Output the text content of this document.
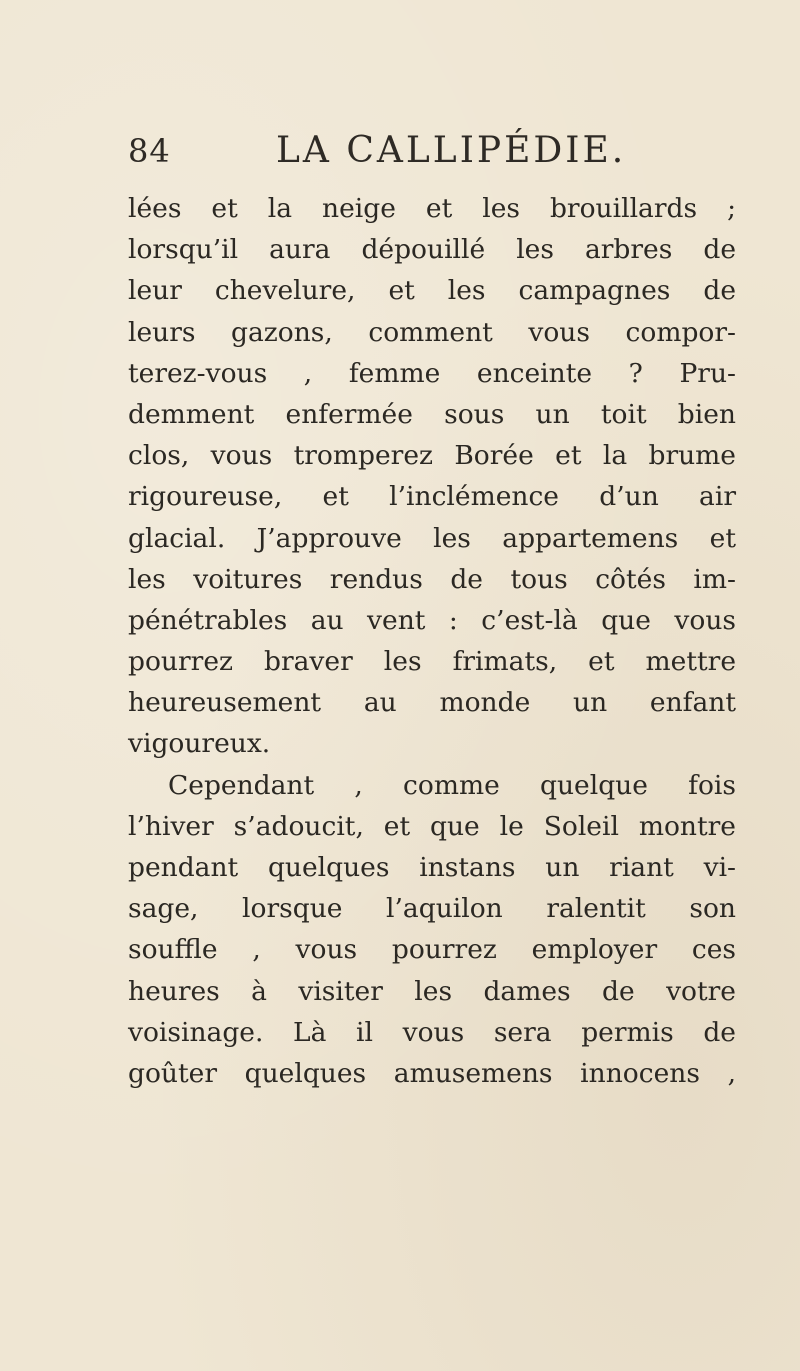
84	LA CALLIPÉDIE.
lées et la neige et les brouillards ;
lorsqu’il aura dépouillé les arbres de
leur chevelure, et les campagnes de
leurs gazons, comment vous compor-
terez-vous , femme enceinte ? Pru-
demment enfermée sous un toit bien
clos, vous tromperez Borée et la brume
rigoureuse, et l’inclémence d’un air
glacial. J’approuve les appartemens et
les voitures rendus de tous côtés im-
pénétrables au vent : c’est-là que vous
pourrez braver les frimats, et mettre
heureusement au monde un enfant
vigoureux.
Cependant , comme quelque fois
l’hiver s’adoucit, et que le Soleil montre
pendant quelques instans un riant vi-
sage, lorsque l’aquilon ralentit son
souffle , vous pourrez employer ces
heures à visiter les dames de votre
voisinage. Là il vous sera permis de
goûter quelques amusemens innocens ,
